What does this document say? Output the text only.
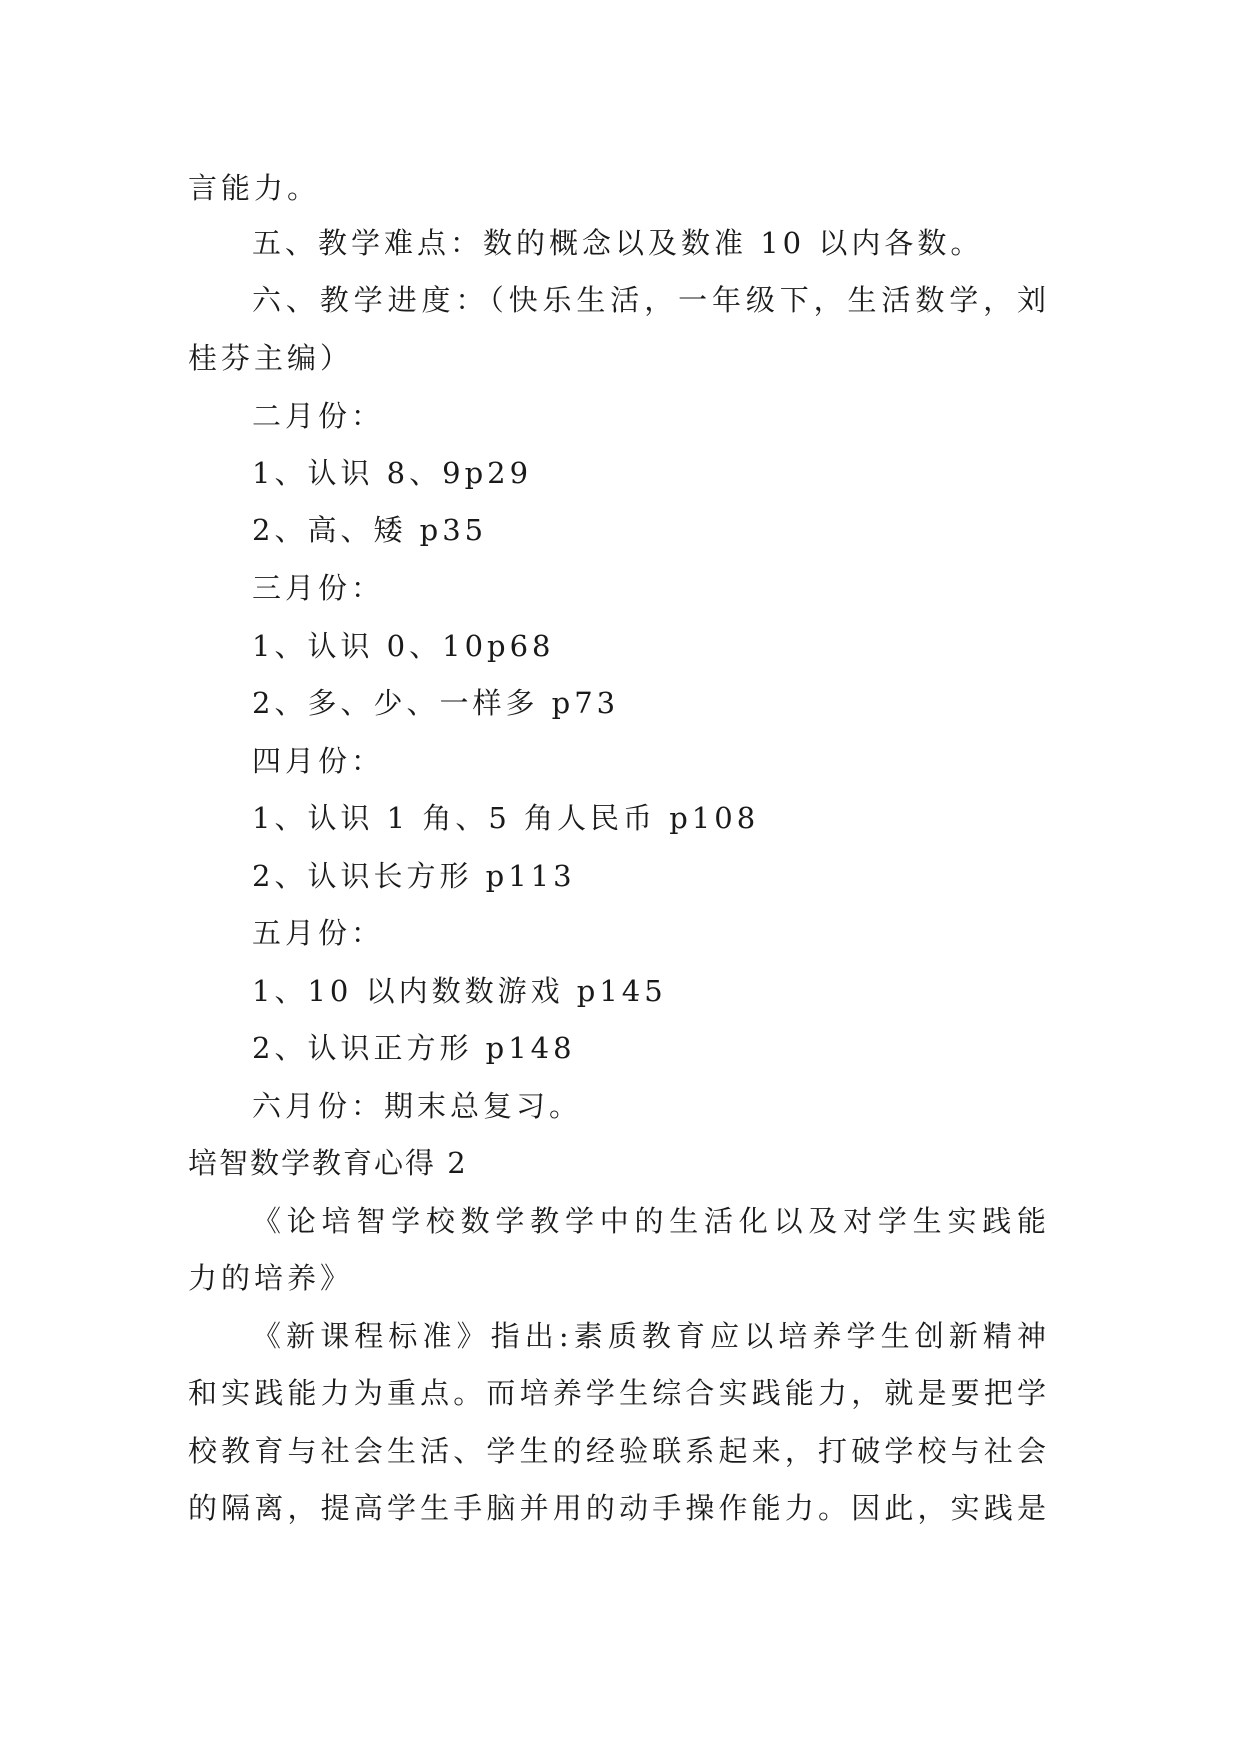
言能力。
五、教学难点：数的概念以及数准 10 以内各数。
六、教学进度：（快乐生活，一年级下，生活数学，刘
桂芬主编）
二月份：
1、认识 8、9p29
2、高、矮 p35
三月份：
1、认识 0、10p68
2、多、少、一样多 p73
四月份：
1、认识 1 角、5 角人民币 p108
2、认识长方形 p113
五月份：
1、10 以内数数游戏 p145
2、认识正方形 p148
六月份：期末总复习。
培智数学教育心得 2
《论培智学校数学教学中的生活化以及对学生实践能
力的培养》
《新课程标准》指出:素质教育应以培养学生创新精神
和实践能力为重点。而培养学生综合实践能力，就是要把学
校教育与社会生活、学生的经验联系起来，打破学校与社会
的隔离，提高学生手脑并用的动手操作能力。因此，实践是
